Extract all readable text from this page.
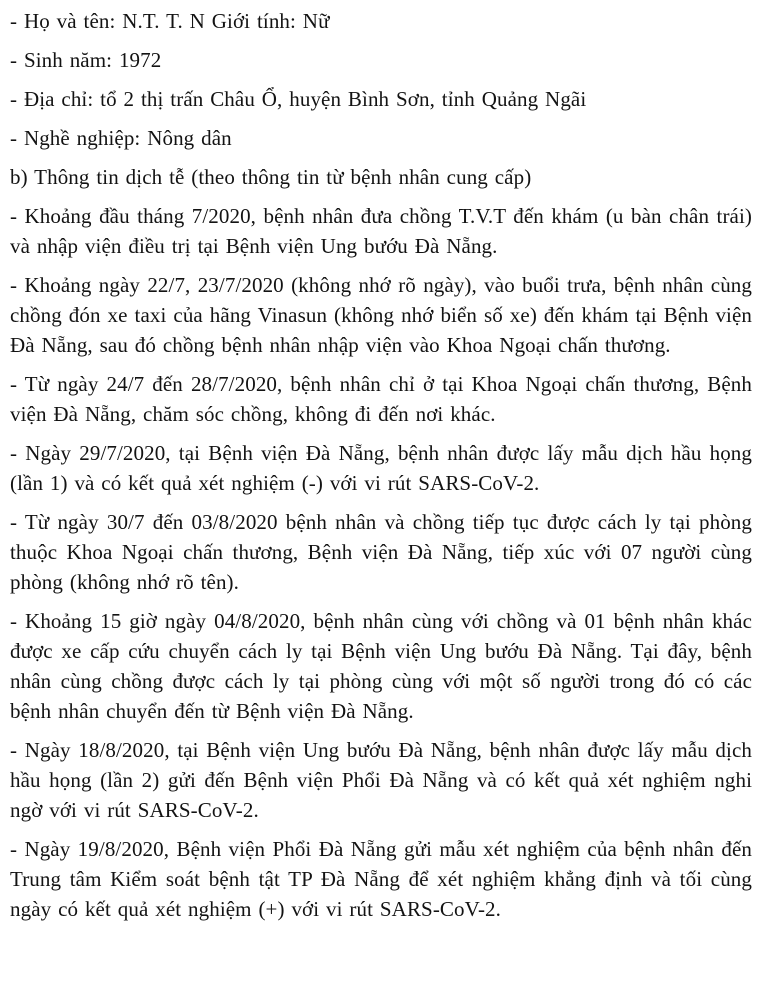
- Họ và tên: N.T. T. N Giới tính: Nữ

- Sinh năm: 1972

- Địa chỉ: tổ 2 thị trấn Châu Ổ, huyện Bình Sơn, tỉnh Quảng Ngãi

- Nghề nghiệp: Nông dân

b) Thông tin dịch tễ (theo thông tin từ bệnh nhân cung cấp)

- Khoảng đầu tháng 7/2020, bệnh nhân đưa chồng T.V.T đến khám (u bàn chân trái) và nhập viện điều trị tại Bệnh viện Ung bướu Đà Nẵng.

- Khoảng ngày 22/7, 23/7/2020 (không nhớ rõ ngày), vào buổi trưa, bệnh nhân cùng chồng đón xe taxi của hãng Vinasun (không nhớ biển số xe) đến khám tại Bệnh viện Đà Nẵng, sau đó chồng bệnh nhân nhập viện vào Khoa Ngoại chấn thương.

- Từ ngày 24/7 đến 28/7/2020, bệnh nhân chỉ ở tại Khoa Ngoại chấn thương, Bệnh viện Đà Nẵng, chăm sóc chồng, không đi đến nơi khác.

- Ngày 29/7/2020, tại Bệnh viện Đà Nẵng, bệnh nhân được lấy mẫu dịch hầu họng (lần 1) và có kết quả xét nghiệm (-) với vi rút SARS-CoV-2.

- Từ ngày 30/7 đến 03/8/2020 bệnh nhân và chồng tiếp tục được cách ly tại phòng thuộc Khoa Ngoại chấn thương, Bệnh viện Đà Nẵng, tiếp xúc với 07 người cùng phòng (không nhớ rõ tên).

- Khoảng 15 giờ ngày 04/8/2020, bệnh nhân cùng với chồng và 01 bệnh nhân khác được xe cấp cứu chuyển cách ly tại Bệnh viện Ung bướu Đà Nẵng. Tại đây, bệnh nhân cùng chồng được cách ly tại phòng cùng với một số người trong đó có các bệnh nhân chuyển đến từ Bệnh viện Đà Nẵng.

- Ngày 18/8/2020, tại Bệnh viện Ung bướu Đà Nẵng, bệnh nhân được lấy mẫu dịch hầu họng (lần 2) gửi đến Bệnh viện Phổi Đà Nẵng và có kết quả xét nghiệm nghi ngờ với vi rút SARS-CoV-2.

- Ngày 19/8/2020, Bệnh viện Phổi Đà Nẵng gửi mẫu xét nghiệm của bệnh nhân đến Trung tâm Kiểm soát bệnh tật TP Đà Nẵng để xét nghiệm khẳng định và tối cùng ngày có kết quả xét nghiệm (+) với vi rút SARS-CoV-2.
